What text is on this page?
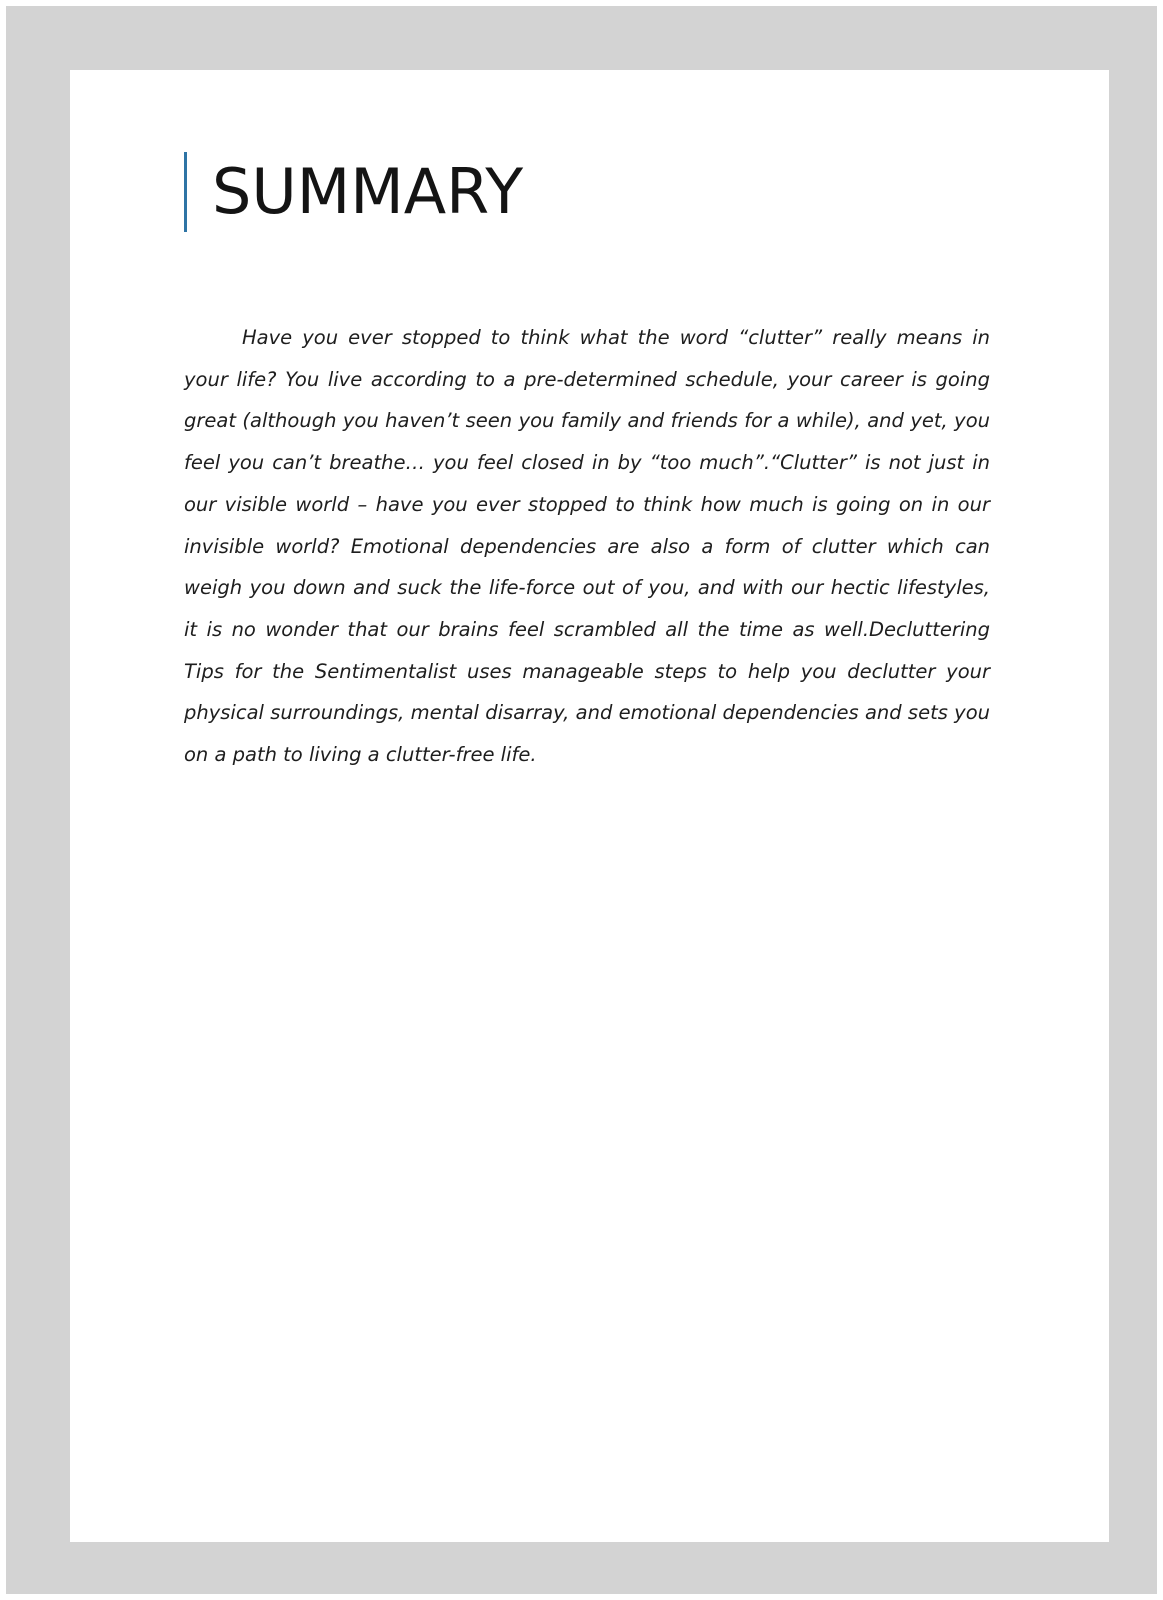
SUMMARY

Have you ever stopped to think what the word “clutter” really means in your life? You live according to a pre-determined schedule, your career is going great (although you haven’t seen you family and friends for a while), and yet, you feel you can’t breathe… you feel closed in by “too much”.“Clutter” is not just in our visible world – have you ever stopped to think how much is going on in our invisible world? Emotional dependencies are also a form of clutter which can weigh you down and suck the life-force out of you, and with our hectic lifestyles, it is no wonder that our brains feel scrambled all the time as well.Decluttering Tips for the Sentimentalist uses manageable steps to help you declutter your physical surroundings, mental disarray, and emotional dependencies and sets you on a path to living a clutter-free life.
